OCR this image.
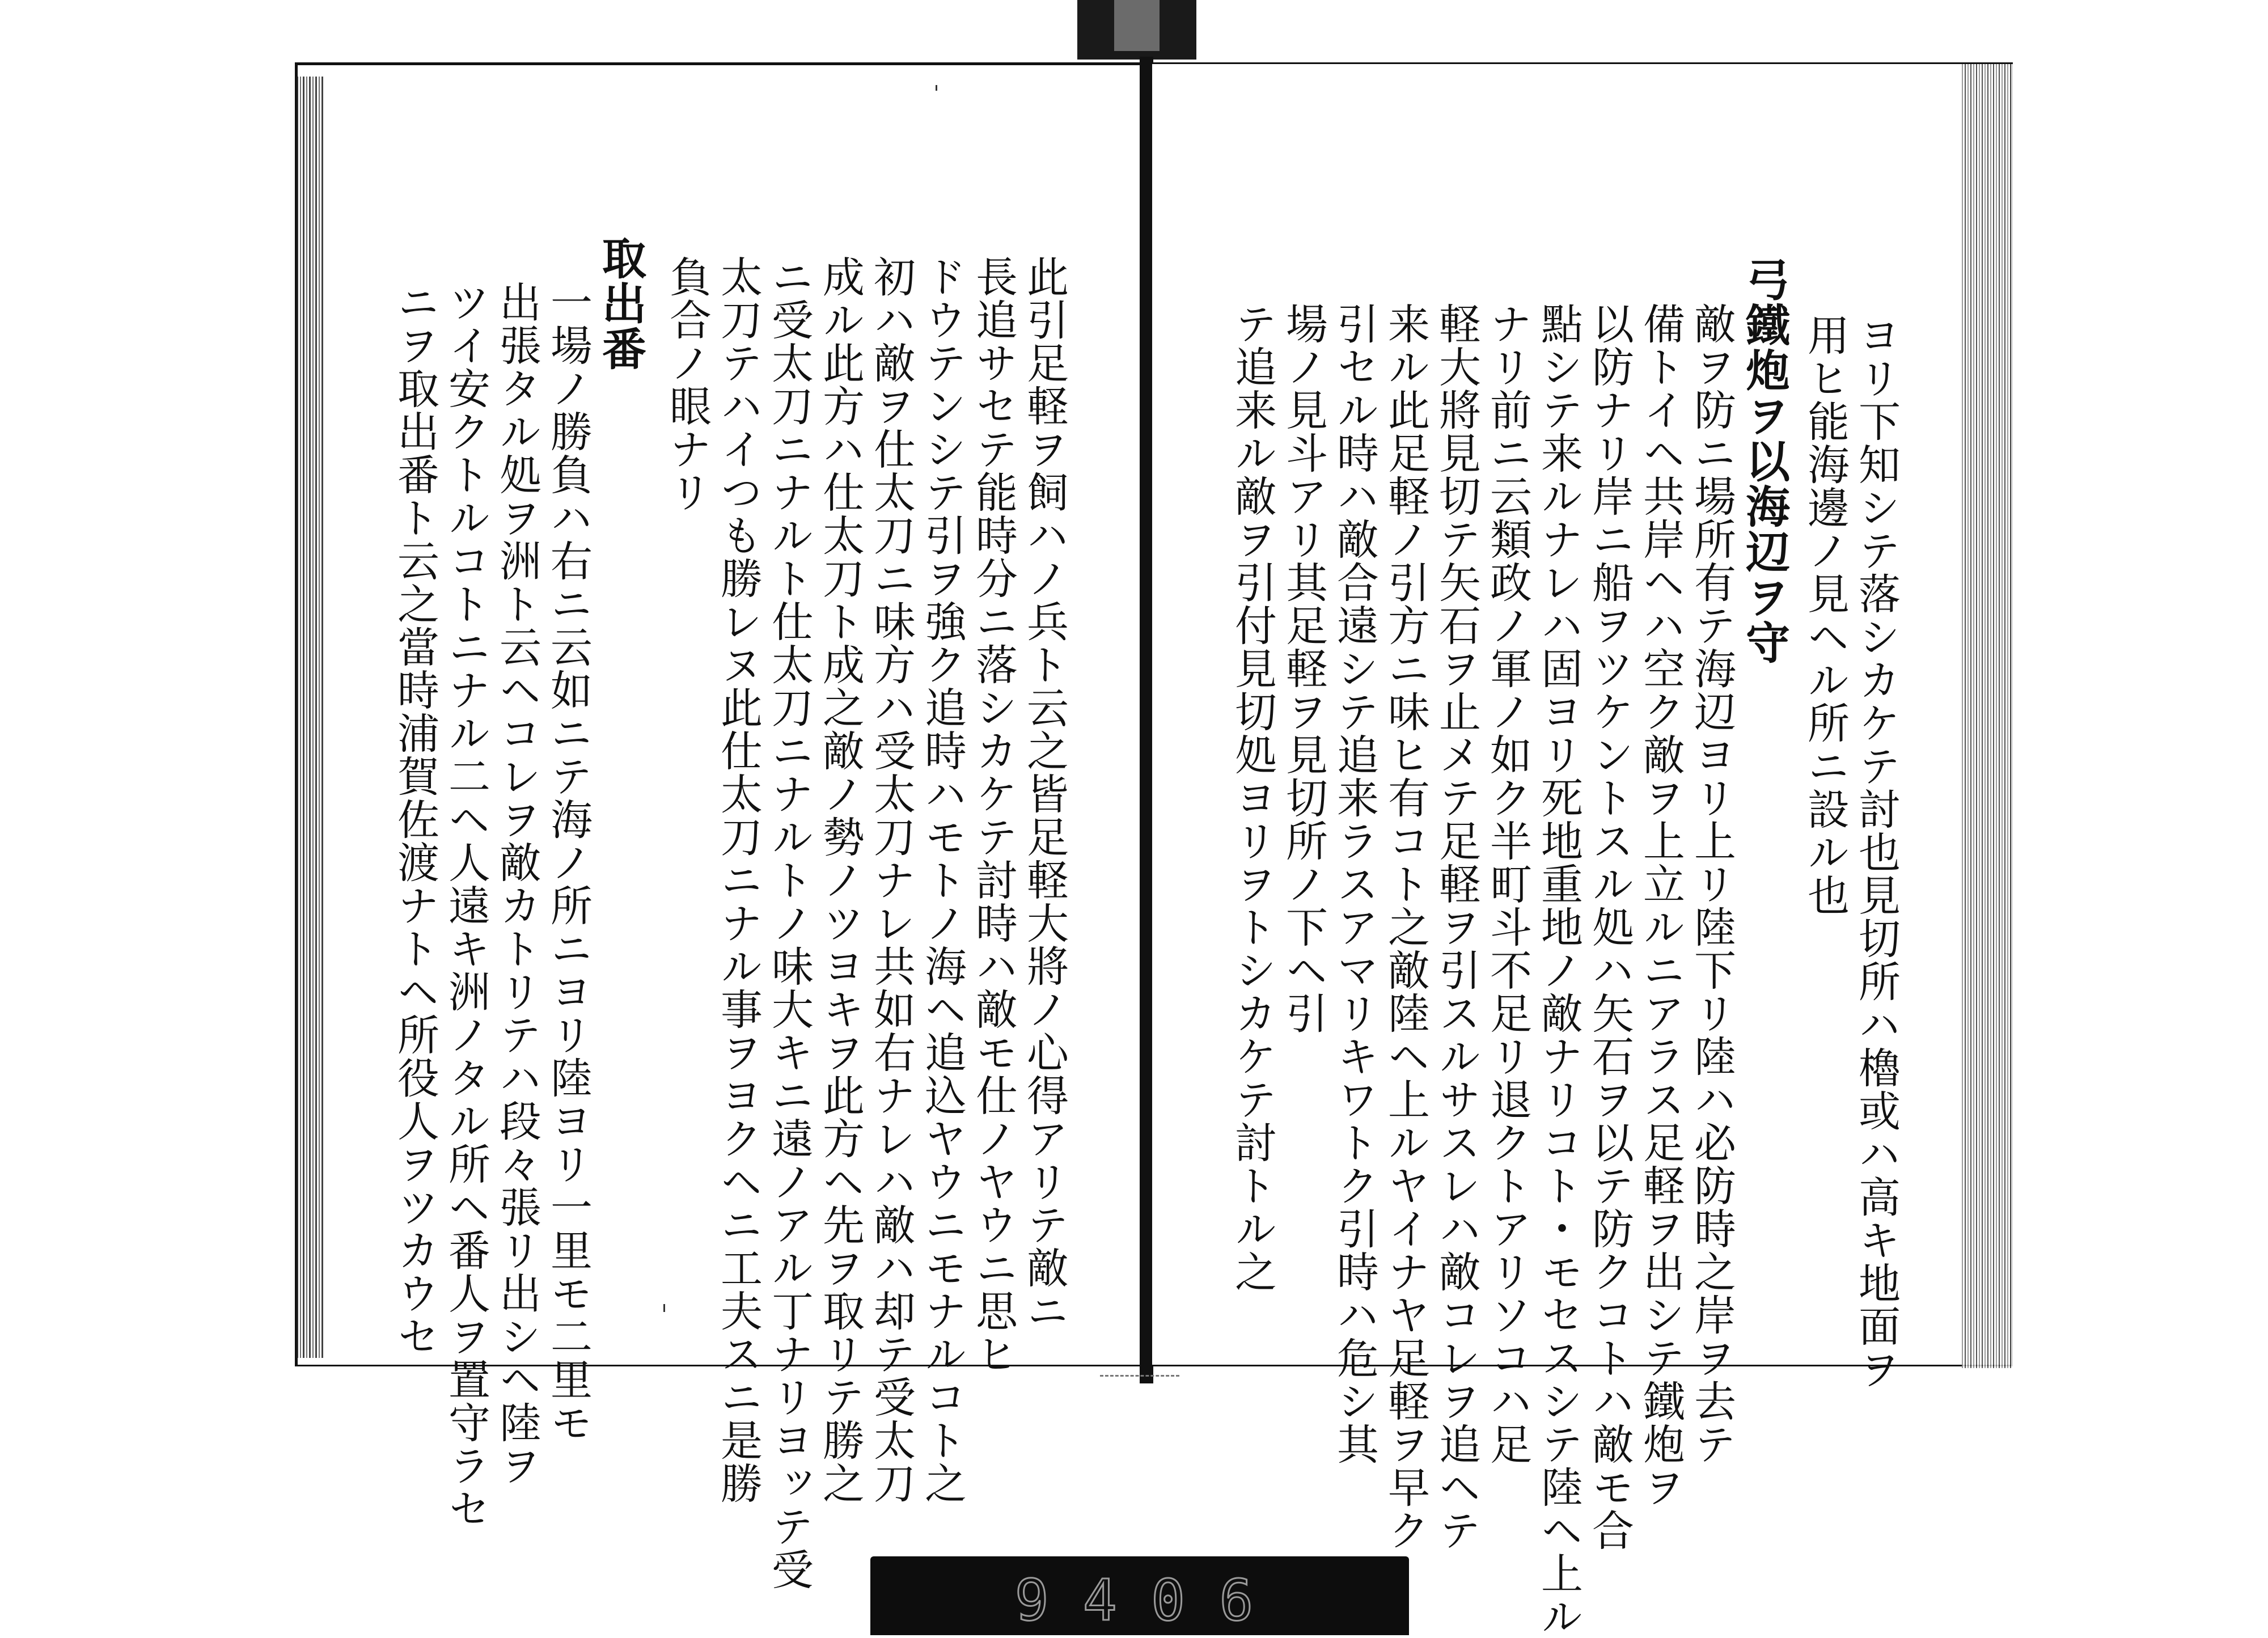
此引足軽ヲ飼ハノ兵ト云之皆足軽大將ノ心得アリテ敵ニ
長追サセテ能時分ニ落シカケテ討時ハ敵モ仕ノヤウニ思ヒ
ドウテンシテ引ヲ強ク追時ハモトノ海ヘ追込ヤウニモナルコト之
初ハ敵ヲ仕太刀ニ味方ハ受太刀ナレ共如右ナレハ敵ハ却テ受太刀
成ル此方ハ仕太刀ト成之敵ノ勢ノツヨキヲ此方ヘ先ヲ取リテ勝之
ニ受太刀ニナルト仕太刀ニナルトノ味大キニ遠ノアル丁ナリヨッテ受
太刀テハイつも勝レヌ此仕太刀ニナル事ヲヨクヘニ工夫スニ是勝
負合ノ眼ナリ
取出番
一場ノ勝負ハ右ニ云如ニテ海ノ所ニヨリ陸ヨリ一里モ二里モ
出張タル処ヲ洲ト云ヘコレヲ敵カトリテハ段々張リ出シヘ陸ヲ
ツイ安クトルコトニナル二ヘ人遠キ洲ノタル所ヘ番人ヲ置守ラセ
ニヲ取出番ト云之當時浦賀佐渡ナトヘ所役人ヲツカウセ	ヨリ下知シテ落シカケテ討也見切所ハ櫓或ハ高キ地面ヲ
用ヒ能海邊ノ見ヘル所ニ設ル也
弓鐵炮ヲ以海辺ヲ守
敵ヲ防ニ場所有テ海辺ヨリ上リ陸下リ陸ハ必防時之岸ヲ去テ
備トイヘ共岸ヘハ空ク敵ヲ上立ルニアラス足軽ヲ出シテ鐵炮ヲ
以防ナリ岸ニ船ヲツケントスル処ハ矢石ヲ以テ防クコトハ敵モ合
點シテ来ルナレハ固ヨリ死地重地ノ敵ナリコト・モセスシテ陸ヘ上ル
ナリ前ニ云類政ノ軍ノ如ク半町斗不足リ退クトアリソコハ足
軽大將見切テ矢石ヲ止メテ足軽ヲ引スルサスレハ敵コレヲ追ヘテ
来ル此足軽ノ引方ニ味ヒ有コト之敵陸ヘ上ルヤイナヤ足軽ヲ早ク
引セル時ハ敵合遠シテ追来ラスアマリキワトク引時ハ危シ其
場ノ見斗アリ其足軽ヲ見切所ノ下ヘ引
テ追来ル敵ヲ引付見切処ヨリヲトシカケテ討トル之
9406
